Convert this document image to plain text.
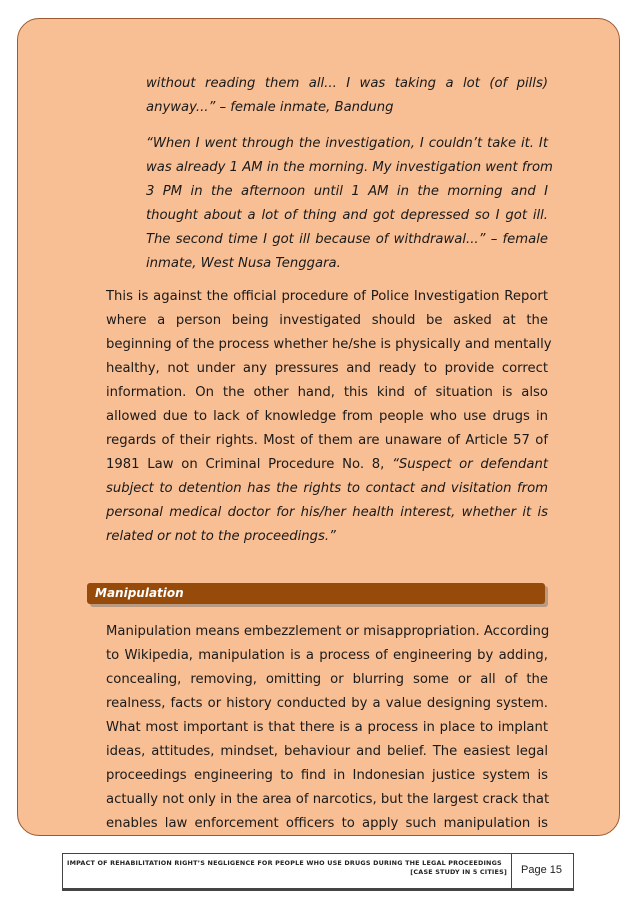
without reading them all... I was taking a lot (of pills)
anyway...” – female inmate, Bandung
“When I went through the investigation, I couldn’t take it. It
was already 1 AM in the morning. My investigation went from
3 PM in the afternoon until 1 AM in the morning and I
thought about a lot of thing and got depressed so I got ill.
The second time I got ill because of withdrawal...” – female
inmate, West Nusa Tenggara.
This is against the official procedure of Police Investigation Report
where a person being investigated should be asked at the
beginning of the process whether he/she is physically and mentally
healthy, not under any pressures and ready to provide correct
information. On the other hand, this kind of situation is also
allowed due to lack of knowledge from people who use drugs in
regards of their rights. Most of them are unaware of Article 57 of
1981 Law on Criminal Procedure No. 8, “Suspect or defendant
subject to detention has the rights to contact and visitation from
personal medical doctor for his/her health interest, whether it is
related or not to the proceedings.”
Manipulation
Manipulation means embezzlement or misappropriation. According
to Wikipedia, manipulation is a process of engineering by adding,
concealing, removing, omitting or blurring some or all of the
realness, facts or history conducted by a value designing system.
What most important is that there is a process in place to implant
ideas, attitudes, mindset, behaviour and belief. The easiest legal
proceedings engineering to find in Indonesian justice system is
actually not only in the area of narcotics, but the largest crack that
enables law enforcement officers to apply such manipulation is
IMPACT OF REHABILITATION RIGHT’S NEGLIGENCE FOR PEOPLE WHO USE DRUGS DURING THE LEGAL PROCEEDINGS
[CASE STUDY IN 5 CITIES] Page 15
